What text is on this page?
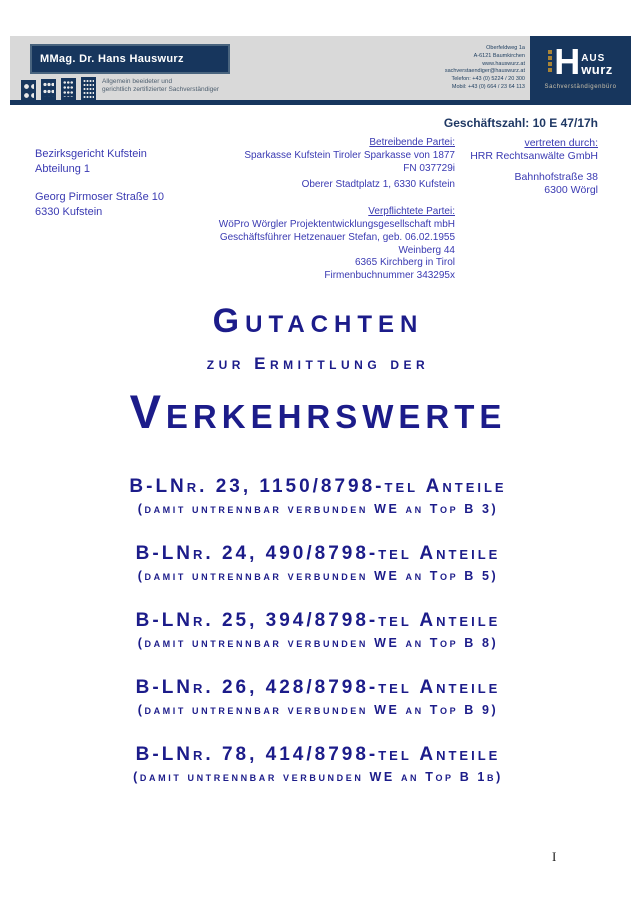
MMag. Dr. Hans Hauswurz
Allgemein beeideter und
gerichtlich zertifizierter Sachverständiger
Oberfeldweg 1a
A-6121 Baumkirchen
www.hauswurz.at
sachverstaendiger@hauswurz.at
Telefon: +43 (0) 5224 / 20 300
Mobil: +43 (0) 664 / 23 64 113
H AUS
wurz
Sachverständigenbüro
Geschäftszahl: 10 E 47/17h
Bezirksgericht Kufstein
Abteilung 1
Georg Pirmoser Straße 10
6330 Kufstein
Betreibende Partei:
Sparkasse Kufstein Tiroler Sparkasse von 1877
FN 037729i
Oberer Stadtplatz 1, 6330 Kufstein
Verpflichtete Partei:
WöPro Wörgler Projektentwicklungsgesellschaft mbH
Geschäftsführer Hetzenauer Stefan, geb. 06.02.1955
Weinberg 44
6365 Kirchberg in Tirol
Firmenbuchnummer 343295x
vertreten durch:
HRR Rechtsanwälte GmbH
Bahnhofstraße 38
6300 Wörgl
Gutachten
zur Ermittlung der
Verkehrswerte
B-LNr. 23, 1150/8798-tel Anteile
(damit untrennbar verbunden WE an Top B 3)
B-LNr. 24, 490/8798-tel Anteile
(damit untrennbar verbunden WE an Top B 5)
B-LNr. 25, 394/8798-tel Anteile
(damit untrennbar verbunden WE an Top B 8)
B-LNr. 26, 428/8798-tel Anteile
(damit untrennbar verbunden WE an Top B 9)
B-LNr. 78, 414/8798-tel Anteile
(damit untrennbar verbunden WE an Top B 1b)
I
